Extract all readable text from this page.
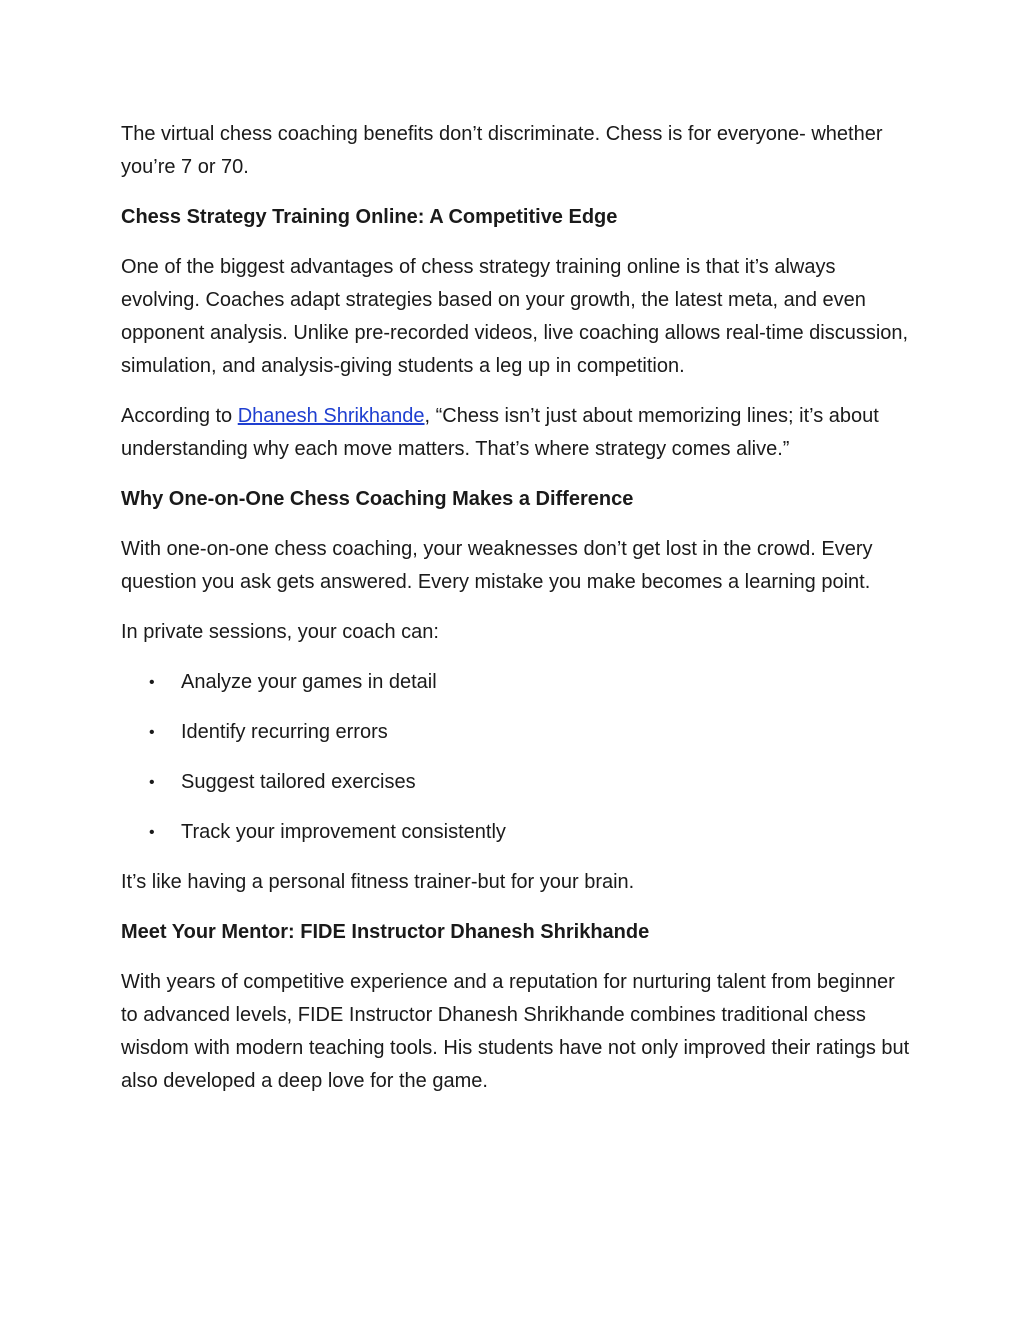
The virtual chess coaching benefits don’t discriminate. Chess is for everyone- whether you’re 7 or 70.

Chess Strategy Training Online: A Competitive Edge

One of the biggest advantages of chess strategy training online is that it’s always evolving. Coaches adapt strategies based on your growth, the latest meta, and even opponent analysis. Unlike pre-recorded videos, live coaching allows real-time discussion, simulation, and analysis-giving students a leg up in competition.

According to Dhanesh Shrikhande, “Chess isn’t just about memorizing lines; it’s about understanding why each move matters. That’s where strategy comes alive.”

Why One-on-One Chess Coaching Makes a Difference

With one-on-one chess coaching, your weaknesses don’t get lost in the crowd. Every question you ask gets answered. Every mistake you make becomes a learning point.

In private sessions, your coach can:

• Analyze your games in detail
• Identify recurring errors
• Suggest tailored exercises
• Track your improvement consistently

It’s like having a personal fitness trainer-but for your brain.

Meet Your Mentor: FIDE Instructor Dhanesh Shrikhande

With years of competitive experience and a reputation for nurturing talent from beginner to advanced levels, FIDE Instructor Dhanesh Shrikhande combines traditional chess wisdom with modern teaching tools. His students have not only improved their ratings but also developed a deep love for the game.
